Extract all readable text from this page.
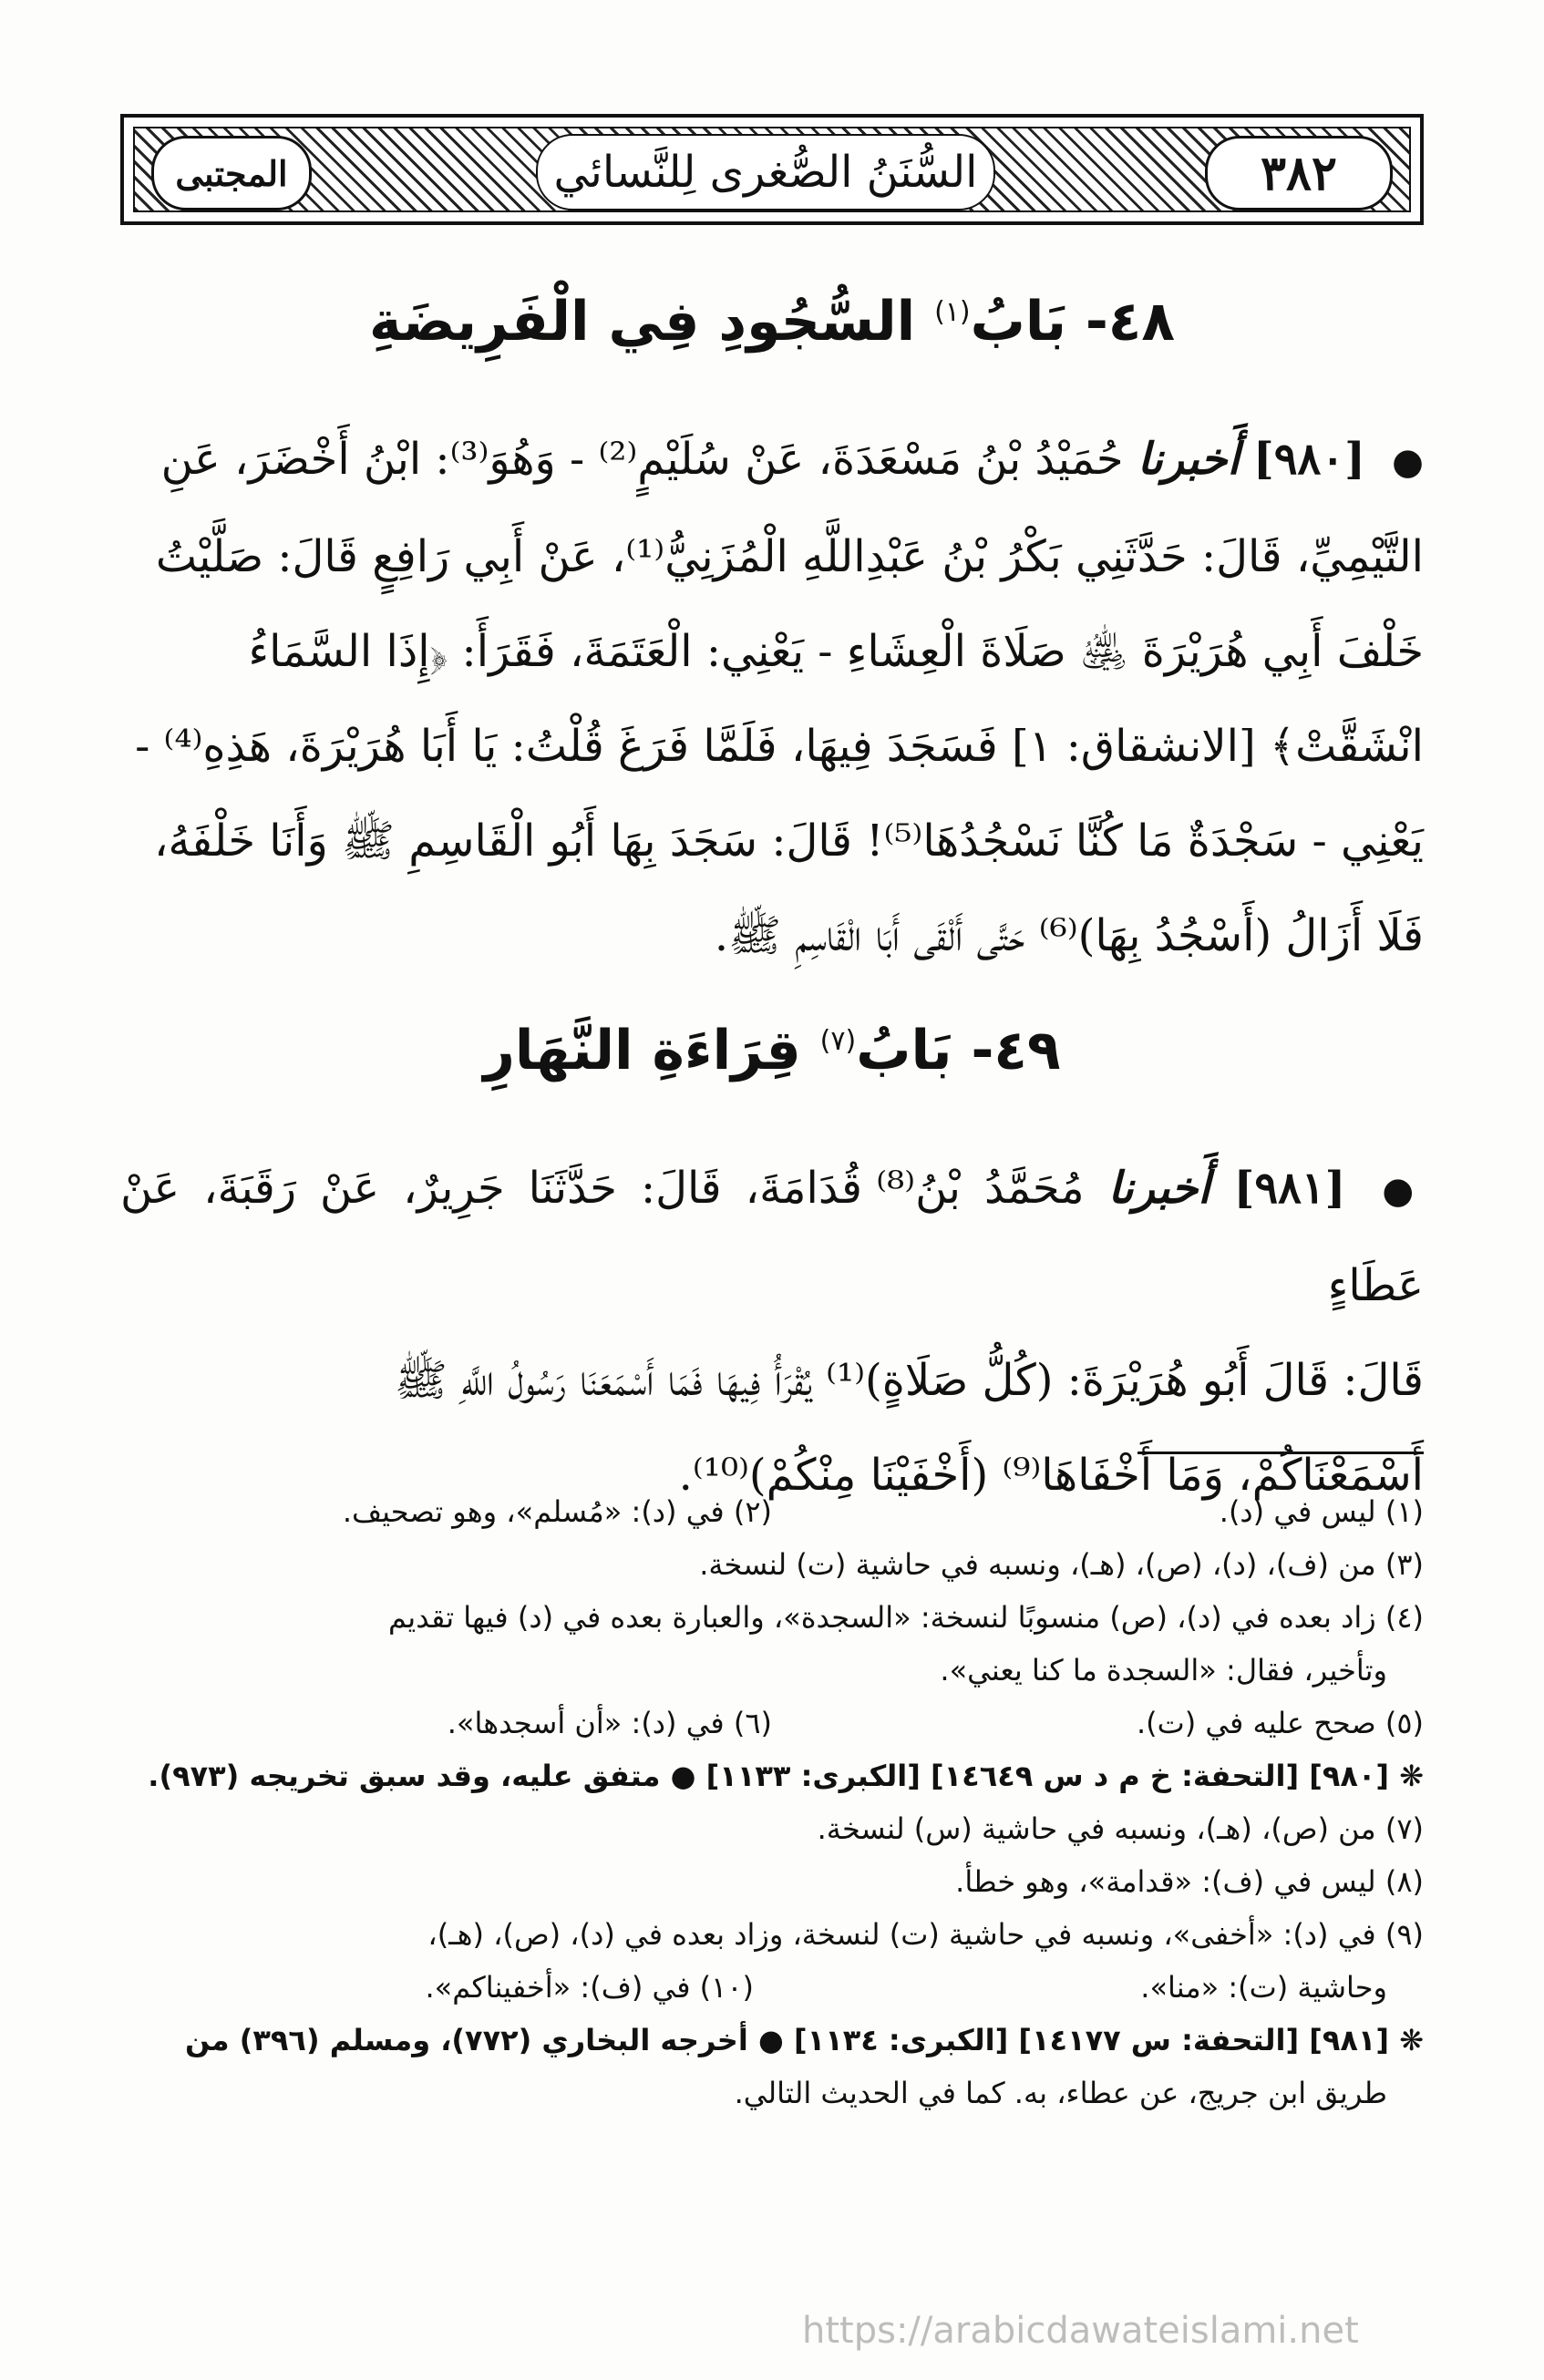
المجتبى	السُّنَنُ الصُّغرى لِلنَّسائي	٣٨٢
٤٨- بَابُ$^{(١)}$ السُّجُودِ فِي الْفَرِيضَةِ
● [٩٨٠] أَخبرنا حُمَيْدُ بْنُ مَسْعَدَةَ، عَنْ سُلَيْمٍ⁽²⁾ - وَهُوَ⁽³⁾: ابْنُ أَخْضَرَ، عَنِ
التَّيْمِيِّ، قَالَ: حَدَّثَنِي بَكْرُ بْنُ عَبْدِاللَّهِ الْمُزَنِيُّ⁽¹⁾، عَنْ أَبِي رَافِعٍ قَالَ: صَلَّيْتُ
خَلْفَ أَبِي هُرَيْرَةَ ﵁ صَلَاةَ الْعِشَاءِ - يَعْنِي: الْعَتَمَةَ، فَقَرَأَ: ﴿إِذَا السَّمَاءُ
انْشَقَّتْ﴾ [الانشقاق: ١] فَسَجَدَ فِيهَا، فَلَمَّا فَرَغَ قُلْتُ: يَا أَبَا هُرَيْرَةَ، هَذِهِ⁽⁴⁾ -
يَعْنِي - سَجْدَةٌ مَا كُنَّا نَسْجُدُهَا⁽⁵⁾! قَالَ: سَجَدَ بِهَا أَبُو الْقَاسِمِ ﷺ وَأَنَا خَلْفَهُ،
فَلَا أَزَالُ (أَسْجُدُ بِهَا)⁽⁶⁾ حَتَّى أَلْقَى أَبَا الْقَاسِمِ ﷺ.
٤٩- بَابُ$^{(٧)}$ قِرَاءَةِ النَّهَارِ
● [٩٨١] أَخبرنا مُحَمَّدُ بْنُ⁽⁸⁾ قُدَامَةَ، قَالَ: حَدَّثَنَا جَرِيرٌ، عَنْ رَقَبَةَ، عَنْ عَطَاءٍ
قَالَ: قَالَ أَبُو هُرَيْرَةَ: (كُلُّ صَلَاةٍ)⁽¹⁾ يُقْرَأُ فِيهَا فَمَا أَسْمَعَنَا رَسُولُ اللَّهِ ﷺ
أَسْمَعْنَاكُمْ، وَمَا أَخْفَاهَا⁽⁹⁾ (أَخْفَيْنَا مِنْكُمْ)⁽¹⁰⁾.
(١) ليس في (د).
(٢) في (د): «مُسلم»، وهو تصحيف.
(٣) من (ف)، (د)، (ص)، (هـ)، ونسبه في حاشية (ت) لنسخة.
(٤) زاد بعده في (د)، (ص) منسوبًا لنسخة: «السجدة»، والعبارة بعده في (د) فيها تقديم
وتأخير، فقال: «السجدة ما كنا يعني».
(٥) صحح عليه في (ت).
(٦) في (د): «أن أسجدها».
❋ [٩٨٠] [التحفة: خ م د س ١٤٦٤٩] [الكبرى: ١١٣٣] ● متفق عليه، وقد سبق تخريجه (٩٧٣).
(٧) من (ص)، (هـ)، ونسبه في حاشية (س) لنسخة.
(٨) ليس في (ف): «قدامة»، وهو خطأ.
(٩) في (د): «أخفى»، ونسبه في حاشية (ت) لنسخة، وزاد بعده في (د)، (ص)، (هـ)،
وحاشية (ت): «منا».
(١٠) في (ف): «أخفيناكم».
❋ [٩٨١] [التحفة: س ١٤١٧٧] [الكبرى: ١١٣٤] ● أخرجه البخاري (٧٧٢)، ومسلم (٣٩٦) من
طريق ابن جريج، عن عطاء، به. كما في الحديث التالي.
https://arabicdawateislami.net
